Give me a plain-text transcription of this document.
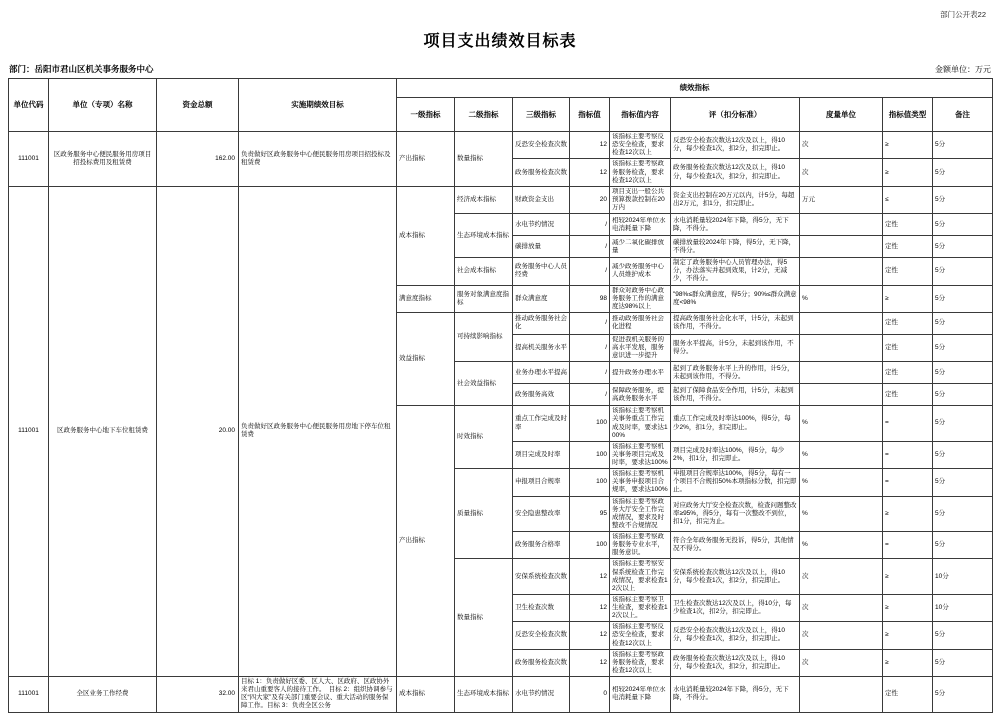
部门公开表22
项目支出绩效目标表
部门：岳阳市君山区机关事务服务中心	金额单位：万元
单位代码	单位（专项）名称	资金总额	实施期绩效目标	绩效指标								
				一级指标	二级指标	三级指标	指标值	指标值内容	评（扣分标准）	度量单位	指标值类型	备注
111001	区政务服务中心便民服务用房项目招投标费用及租赁费	162.00	负责做好区政务服务中心便民服务用房项目招投标及租赁费	产出指标	数量指标	反恐安全检查次数	12	该指标主要考察反恐安全检查，要求检查12次以上	反恐安全检查次数达12次及以上，得10分，每少检查1次，扣2分，扣完即止。	次	≥	5分
						政务服务检查次数	12	该指标主要考察政务服务检查，要求检查12次以上	政务服务检查次数达12次及以上，得10分，每少检查1次，扣2分，扣完即止。	次	≥	5分
111001	区政务服务中心地下车位租赁费	20.00	负责做好区政务服务中心便民服务用房地下停车位租赁费	成本指标	经济成本指标	财政资金支出	20	项目支出一般公共预算拨款控制在20万内	资金支出控制在20万元以内，计5分，每超出2万元，扣1分，扣完即止。	万元	≤	5分
					生态环境成本指标	水电节约情况	/	相较2024年单位水电消耗量下降	水电消耗量较2024年下降，得5分，无下降，不得分。		定性	5分
						碳排放量	/	减少二氧化碳排放量	碳排放量较2024年下降，得5分，无下降，不得分。		定性	5分
					社会成本指标	政务服务中心人员经费	/	减少政务服务中心人员维护成本	制定了政务服务中心人员管理办法，得5分，办法落实并起到效果，计2分，无减少，不得分。		定性	5分
				满意度指标	服务对象满意度指标	群众满意度	98	群众对政务中心政务服务工作的满意度达98%以上	"98%≤群众满意度，得5分；90%≤群众满意度<98%	%	≥	5分
				效益指标	可持续影响指标	推动政务服务社会化	/	推动政务服务社会化进程	提高政务服务社会化水平，计5分，未起到该作用，不得分。		定性	5分
						提高机关服务水平	/	促进我机关服务的高水平发展，服务意识进一步提升	服务水平提高，计5分，未起到该作用，不得分。		定性	5分
					社会效益指标	业务办理水平提高	/	提升政务办理水平	起到了政务服务水平上升的作用，计5分，未起到该作用，不得分。		定性	5分
						政务服务高效	/	保障政务服务，提高政务服务水平	起到了保障食品安全作用，计5分，未起到该作用，不得分。		定性	5分
				产出指标	时效指标	重点工作完成及时率	100	该指标主要考察机关事务重点工作完成及时率，要求达100%	重点工作完成及时率达100%，得5分，每少2%，扣1分，扣完即止。	%	=	5分
						项目完成及时率	100	该指标主要考察机关事务项目完成及时率，要求达100%	项目完成及时率达100%，得5分，每少2%，扣1分，扣完即止。	%	=	5分
					质量指标	申报项目合规率	100	该指标主要考察机关事务申报项目合规率，要求达100%	申报项目合规率达100%，得5分，每有一个项目不合规扣50%本项指标分数，扣完即止。	%	=	5分
						安全隐患整改率	95	该指标主要考察政务大厅安全工作完成情况，要求及时整改不合规情况	对应政务大厅安全检查次数，检查问题整改率≥95%，得5分，每有一次整改不到位，扣1分，扣完为止。	%	≥	5分
						政务服务合格率	100	该指标主要考察政务服务专业水平，服务意识。	符合全年政务服务无投诉，得5分，其他情况不得分。	%	=	5分
					数量指标	安保系统检查次数	12	该指标主要考察安保系统检查工作完成情况，要求检查12次以上	安保系统检查次数达12次及以上，得10分，每少检查1次，扣2分，扣完即止。	次	≥	10分
						卫生检查次数	12	该指标主要考察卫生检查，要求检查12次以上。	卫生检查次数达12次及以上，得10分，每少检查1次，扣2分，扣完即止。	次	≥	10分
						反恐安全检查次数	12	该指标主要考察反恐安全检查，要求检查12次以上	反恐安全检查次数达12次及以上，得10分，每少检查1次，扣2分，扣完即止。	次	≥	5分
						政务服务检查次数	12	该指标主要考察政务服务检查，要求检查12次以上	政务服务检查次数达12次及以上，得10分，每少检查1次，扣2分，扣完即止。	次	≥	5分
111001	全区业务工作经费	32.00	目标 1：负责做好区委、区人大、区政府、区政协外来君山重要客人的接待工作。　目标 2：组织协调参与区“四大家”及有关部门重要会议、重大活动的服务保障工作。目标 3：负责全区公务	成本指标	生态环境成本指标	水电节约情况	0	相较2024年单位水电消耗量下降	水电消耗量较2024年下降，得5分，无下降，不得分。		定性	5分
